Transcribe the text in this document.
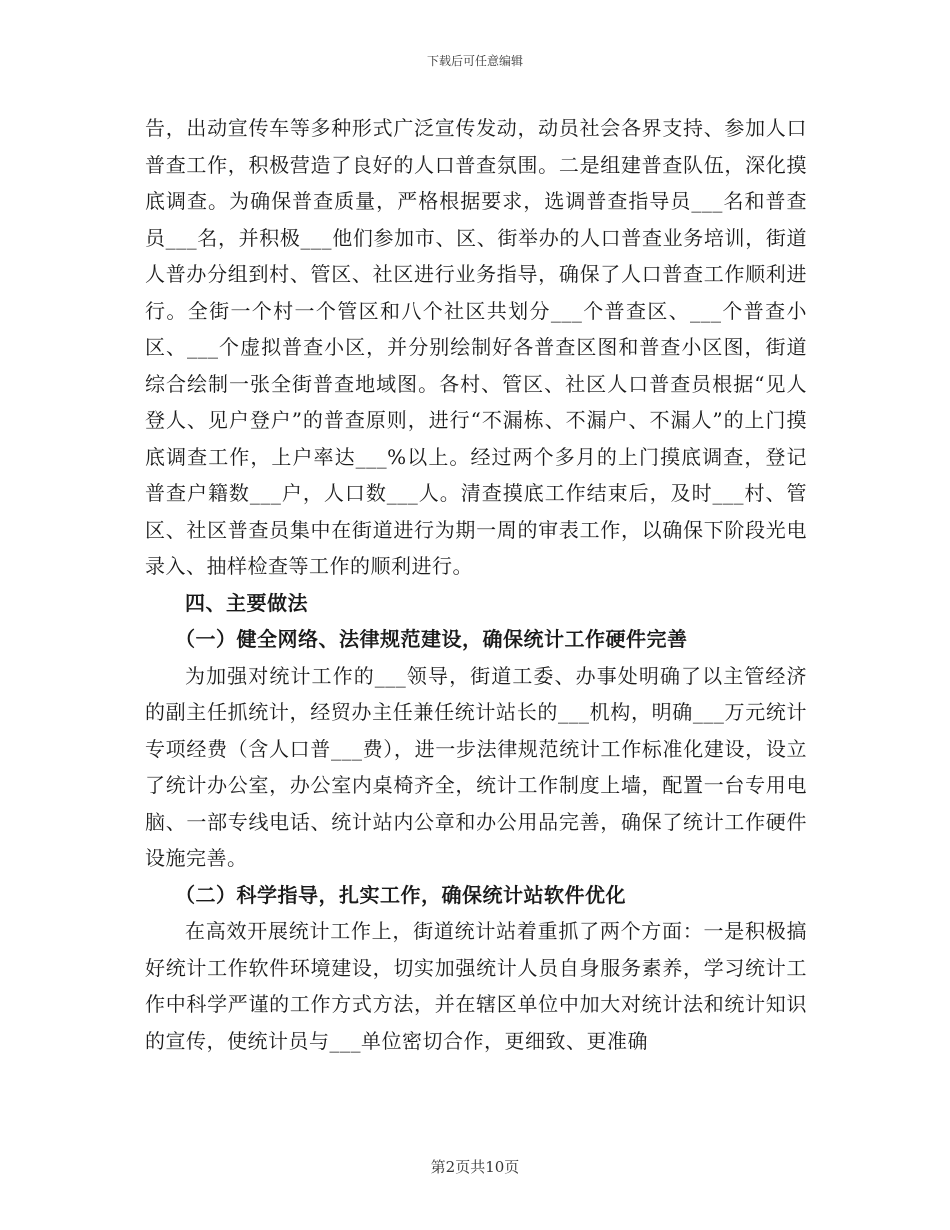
下载后可任意编辑

告，出动宣传车等多种形式广泛宣传发动，动员社会各界支持、参加人口普查工作，积极营造了良好的人口普查氛围。二是组建普查队伍，深化摸底调查。为确保普查质量，严格根据要求，选调普查指导员___名和普查员___名，并积极___他们参加市、区、街举办的人口普查业务培训，街道人普办分组到村、管区、社区进行业务指导，确保了人口普查工作顺利进行。全街一个村一个管区和八个社区共划分___个普查区、___个普查小区、___个虚拟普查小区，并分别绘制好各普查区图和普查小区图，街道综合绘制一张全街普查地域图。各村、管区、社区人口普查员根据“见人登人、见户登户”的普查原则，进行“不漏栋、不漏户、不漏人”的上门摸底调查工作，上户率达___%以上。经过两个多月的上门摸底调查，登记普查户籍数___户，人口数___人。清查摸底工作结束后，及时___村、管区、社区普查员集中在街道进行为期一周的审表工作，以确保下阶段光电录入、抽样检查等工作的顺利进行。

四、主要做法

（一）健全网络、法律规范建设，确保统计工作硬件完善

为加强对统计工作的___领导，街道工委、办事处明确了以主管经济的副主任抓统计，经贸办主任兼任统计站长的___机构，明确___万元统计专项经费（含人口普___费），进一步法律规范统计工作标准化建设，设立了统计办公室，办公室内桌椅齐全，统计工作制度上墙，配置一台专用电脑、一部专线电话、统计站内公章和办公用品完善，确保了统计工作硬件设施完善。

（二）科学指导，扎实工作，确保统计站软件优化

在高效开展统计工作上，街道统计站着重抓了两个方面：一是积极搞好统计工作软件环境建设，切实加强统计人员自身服务素养，学习统计工作中科学严谨的工作方式方法，并在辖区单位中加大对统计法和统计知识的宣传，使统计员与___单位密切合作，更细致、更准确

第2页共10页
